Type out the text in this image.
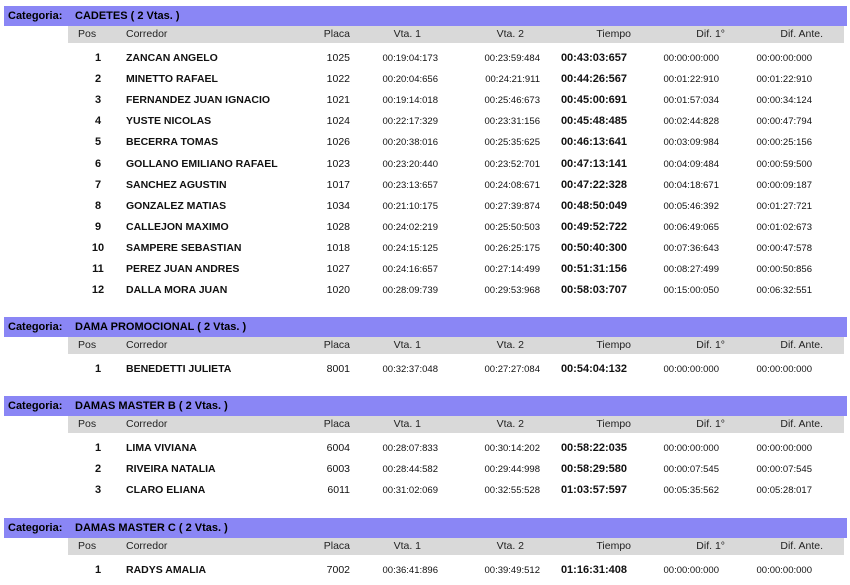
Categoria: CADETES ( 2 Vtas. )
Pos	Corredor	Placa	Vta. 1	Vta. 2	Tiempo	Dif. 1°	Dif. Ante.
1	ZANCAN ANGELO	1025	00:19:04:173	00:23:59:484	00:43:03:657	00:00:00:000	00:00:00:000
2	MINETTO RAFAEL	1022	00:20:04:656	00:24:21:911	00:44:26:567	00:01:22:910	00:01:22:910
3	FERNANDEZ JUAN IGNACIO	1021	00:19:14:018	00:25:46:673	00:45:00:691	00:01:57:034	00:00:34:124
4	YUSTE NICOLAS	1024	00:22:17:329	00:23:31:156	00:45:48:485	00:02:44:828	00:00:47:794
5	BECERRA TOMAS	1026	00:20:38:016	00:25:35:625	00:46:13:641	00:03:09:984	00:00:25:156
6	GOLLANO EMILIANO RAFAEL	1023	00:23:20:440	00:23:52:701	00:47:13:141	00:04:09:484	00:00:59:500
7	SANCHEZ AGUSTIN	1017	00:23:13:657	00:24:08:671	00:47:22:328	00:04:18:671	00:00:09:187
8	GONZALEZ MATIAS	1034	00:21:10:175	00:27:39:874	00:48:50:049	00:05:46:392	00:01:27:721
9	CALLEJON MAXIMO	1028	00:24:02:219	00:25:50:503	00:49:52:722	00:06:49:065	00:01:02:673
10	SAMPERE SEBASTIAN	1018	00:24:15:125	00:26:25:175	00:50:40:300	00:07:36:643	00:00:47:578
11	PEREZ JUAN ANDRES	1027	00:24:16:657	00:27:14:499	00:51:31:156	00:08:27:499	00:00:50:856
12	DALLA MORA JUAN	1020	00:28:09:739	00:29:53:968	00:58:03:707	00:15:00:050	00:06:32:551
Categoria: DAMA PROMOCIONAL ( 2 Vtas. )
Pos	Corredor	Placa	Vta. 1	Vta. 2	Tiempo	Dif. 1°	Dif. Ante.
1	BENEDETTI JULIETA	8001	00:32:37:048	00:27:27:084	00:54:04:132	00:00:00:000	00:00:00:000
Categoria: DAMAS MASTER B ( 2 Vtas. )
Pos	Corredor	Placa	Vta. 1	Vta. 2	Tiempo	Dif. 1°	Dif. Ante.
1	LIMA VIVIANA	6004	00:28:07:833	00:30:14:202	00:58:22:035	00:00:00:000	00:00:00:000
2	RIVEIRA NATALIA	6003	00:28:44:582	00:29:44:998	00:58:29:580	00:00:07:545	00:00:07:545
3	CLARO ELIANA	6011	00:31:02:069	00:32:55:528	01:03:57:597	00:05:35:562	00:05:28:017
Categoria: DAMAS MASTER C ( 2 Vtas. )
Pos	Corredor	Placa	Vta. 1	Vta. 2	Tiempo	Dif. 1°	Dif. Ante.
1	RADYS AMALIA	7002	00:36:41:896	00:39:49:512	01:16:31:408	00:00:00:000	00:00:00:000
